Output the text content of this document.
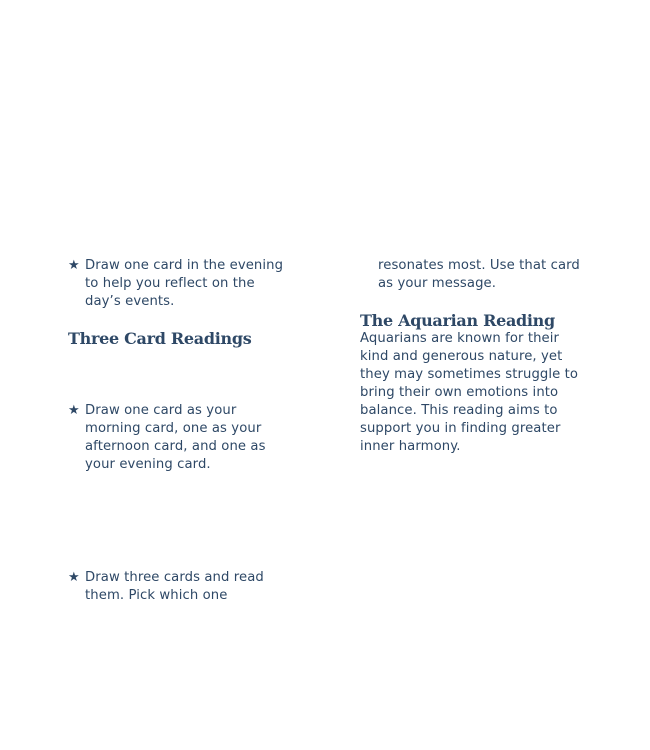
★ Draw one card in the evening
to help you reflect on the
day’s events.
Three Card Readings
★ Draw one card as your
morning card, one as your
afternoon card, and one as
your evening card.
★ Draw three cards and read
them. Pick which one
resonates most. Use that card
as your message.
The Aquarian Reading
Aquarians are known for their
kind and generous nature, yet
they may sometimes struggle to
bring their own emotions into
balance. This reading aims to
support you in finding greater
inner harmony.
